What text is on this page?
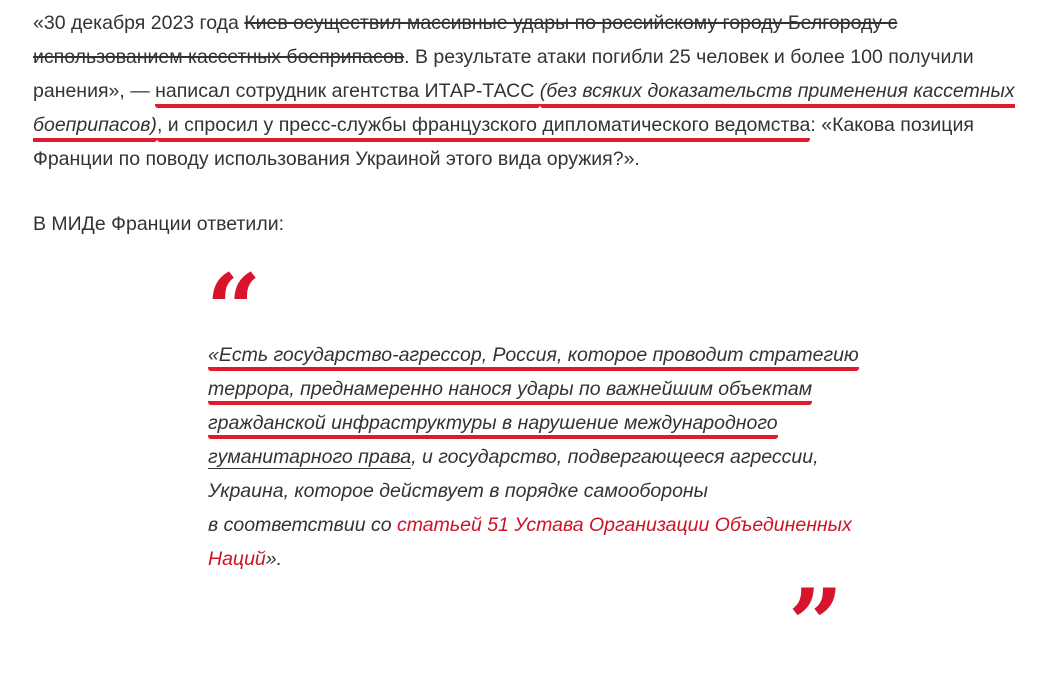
«30 декабря 2023 года Киев осуществил массивные удары по российскому городу Белгороду с использованием кассетных боеприпасов. В результате атаки погибли 25 человек и более 100 получили ранения», — написал сотрудник агентства ИТАР-ТАСС (без всяких доказательств применения кассетных боеприпасов), и спросил у пресс-службы французского дипломатического ведомства: «Какова позиция Франции по поводу использования Украиной этого вида оружия?».

В МИДе Франции ответили:

“
«Есть государство-агрессор, Россия, которое проводит стратегию
террора, преднамеренно нанося удары по важнейшим объектам
гражданской инфраструктуры в нарушение международного
гуманитарного права, и государство, подвергающееся агрессии,
Украина, которое действует в порядке самообороны
в соответствии со статьей 51 Устава Организации Объединенных
Наций».
”
